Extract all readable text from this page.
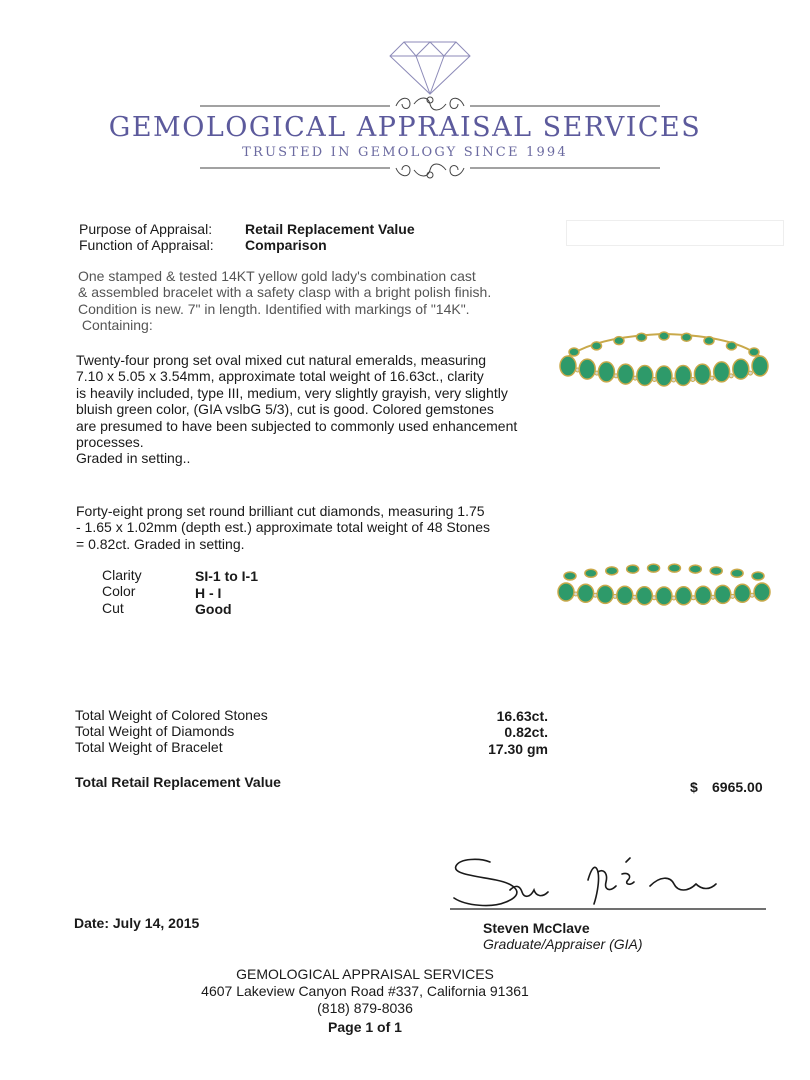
GEMOLOGICAL APPRAISAL SERVICES
TRUSTED IN GEMOLOGY SINCE 1994
Purpose of Appraisal: Retail Replacement Value
Function of Appraisal: Comparison
One stamped & tested 14KT yellow gold lady's combination cast
& assembled bracelet with a safety clasp with a bright polish finish.
Condition is new. 7" in length. Identified with markings of "14K".
Containing:
Twenty-four prong set oval mixed cut natural emeralds, measuring
7.10 x 5.05 x 3.54mm, approximate total weight of 16.63ct., clarity
is heavily included, type III, medium, very slightly grayish, very slightly
bluish green color, (GIA vslbG 5/3), cut is good. Colored gemstones
are presumed to have been subjected to commonly used enhancement
processes.
Graded in setting..
Forty-eight prong set round brilliant cut diamonds, measuring 1.75
- 1.65 x 1.02mm (depth est.) approximate total weight of 48 Stones
= 0.82ct. Graded in setting.
Clarity	SI-1 to I-1
Color	H - I
Cut	Good
Total Weight of Colored Stones	16.63ct.
Total Weight of Diamonds	0.82ct.
Total Weight of Bracelet	17.30 gm
Total Retail Replacement Value	$ 6965.00
Date: July 14, 2015	Steven McClave
Graduate/Appraiser (GIA)
GEMOLOGICAL APPRAISAL SERVICES
4607 Lakeview Canyon Road #337, California 91361
(818) 879-8036
Page 1 of 1
